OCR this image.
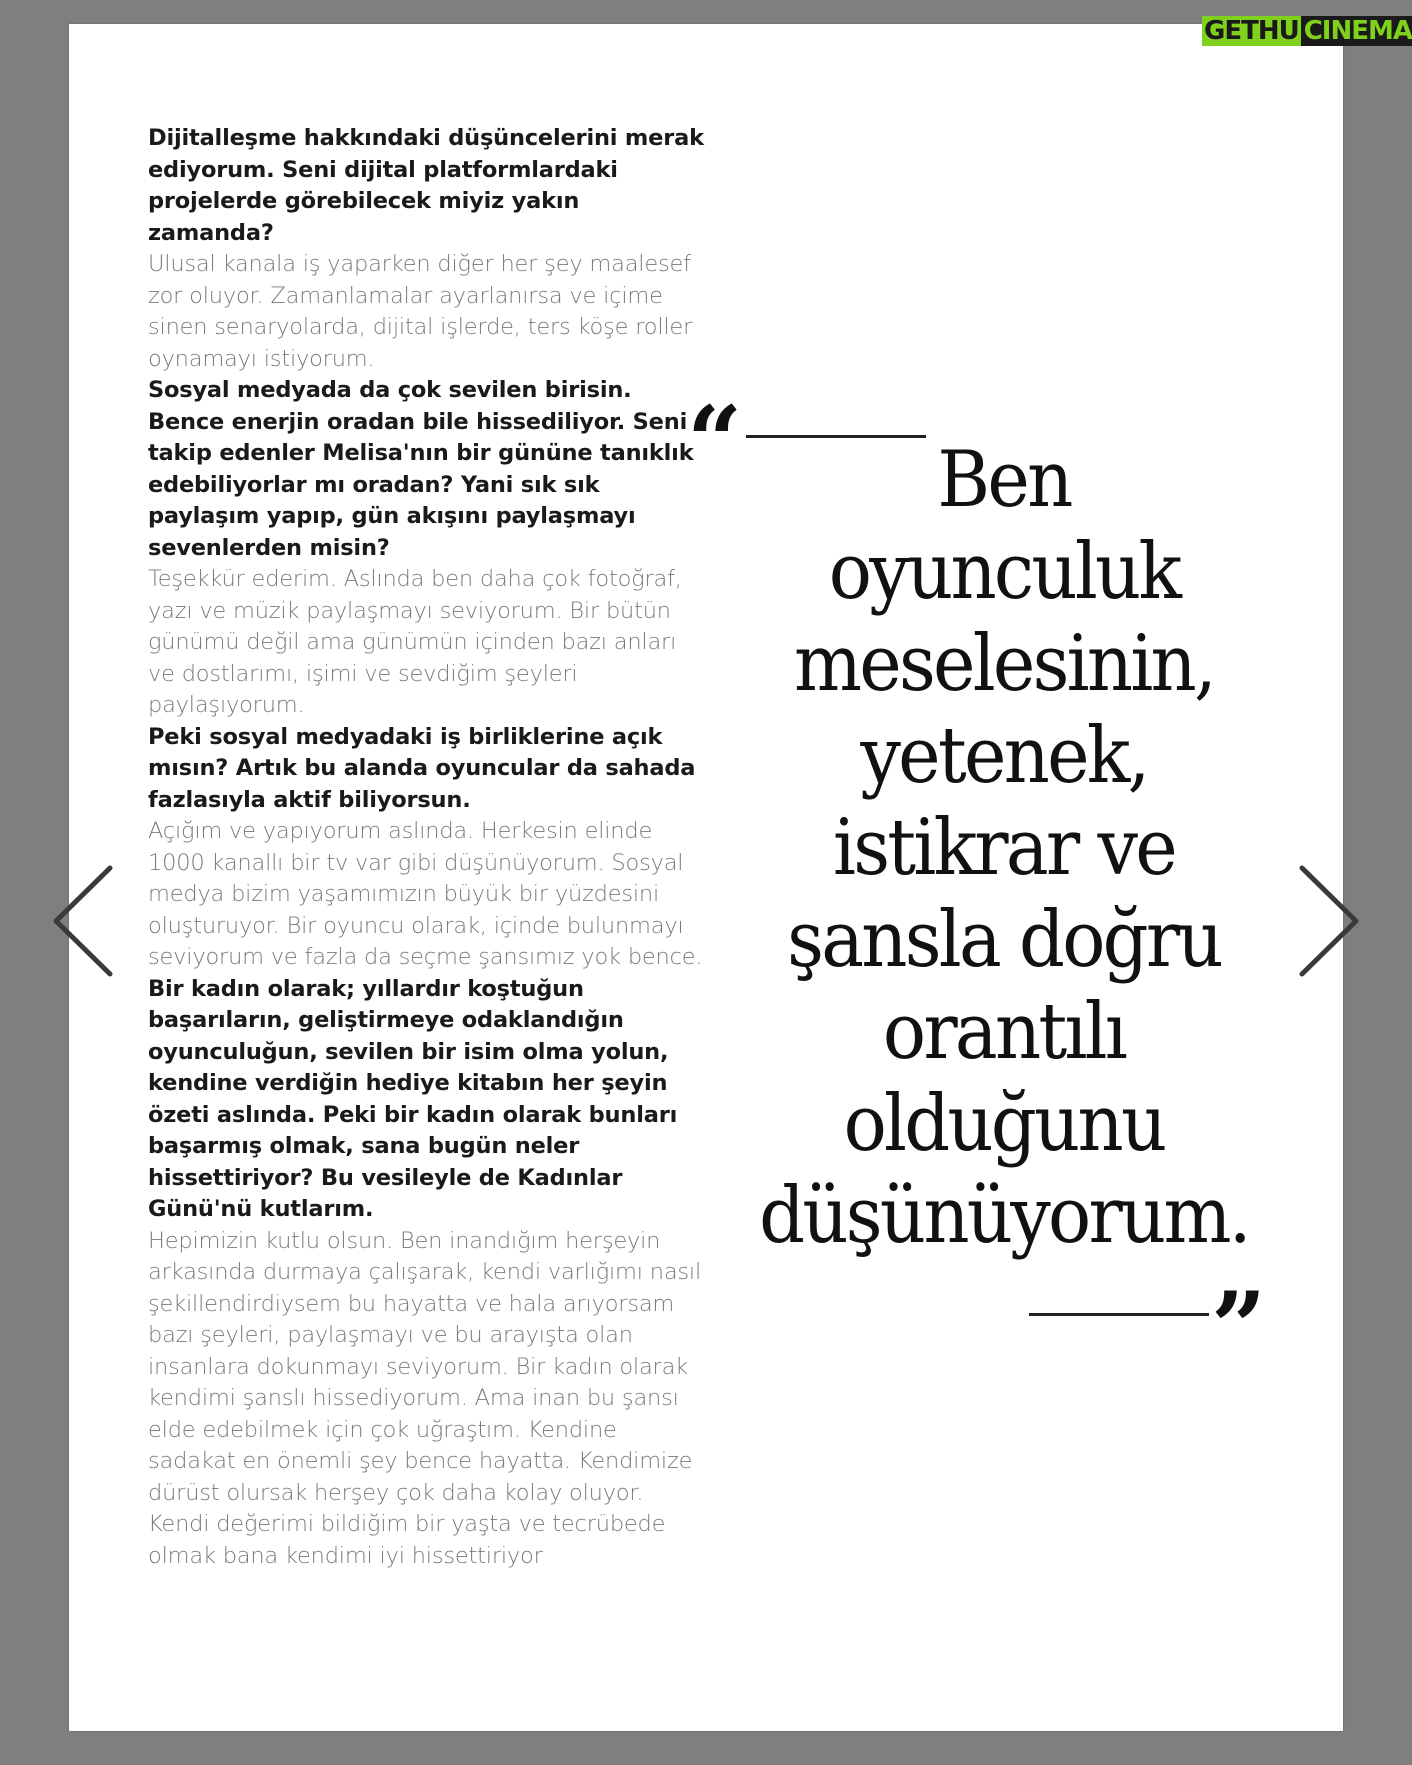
Dijitalleşme hakkındaki düşüncelerini merak ediyorum. Seni dijital platformlardaki projelerde görebilecek miyiz yakın zamanda?

Ulusal kanala iş yaparken diğer her şey maalesef zor oluyor. Zamanlamalar ayarlanırsa ve içime sinen senaryolarda, dijital işlerde, ters köşe roller oynamayı istiyorum.

Sosyal medyada da çok sevilen birisin. Bence enerjin oradan bile hissediliyor. Seni takip edenler Melisa'nın bir gününe tanıklık edebiliyorlar mı oradan? Yani sık sık paylaşım yapıp, gün akışını paylaşmayı sevenlerden misin?

Teşekkür ederim. Aslında ben daha çok fotoğraf, yazı ve müzik paylaşmayı seviyorum. Bir bütün günümü değil ama günümün içinden bazı anları ve dostlarımı, işimi ve sevdiğim şeyleri paylaşıyorum.

Peki sosyal medyadaki iş birliklerine açık mısın? Artık bu alanda oyuncular da sahada fazlasıyla aktif biliyorsun.

Açığım ve yapıyorum aslında. Herkesin elinde 1000 kanallı bir tv var gibi düşünüyorum. Sosyal medya bizim yaşamımızın büyük bir yüzdesini oluşturuyor. Bir oyuncu olarak, içinde bulunmayı seviyorum ve fazla da seçme şansımız yok bence.

Bir kadın olarak; yıllardır koştuğun başarıların, geliştirmeye odaklandığın oyunculuğun, sevilen bir isim olma yolun, kendine verdiğin hediye kitabın her şeyin özeti aslında. Peki bir kadın olarak bunları başarmış olmak, sana bugün neler hissettiriyor? Bu vesileyle de Kadınlar Günü'nü kutlarım.

Hepimizin kutlu olsun. Ben inandığım herşeyin arkasında durmaya çalışarak, kendi varlığımı nasıl şekillendirdiysem bu hayatta ve hala arıyorsam bazı şeyleri, paylaşmayı ve bu arayışta olan insanlara dokunmayı seviyorum. Bir kadın olarak kendimi şanslı hissediyorum. Ama inan bu şansı elde edebilmek için çok uğraştım. Kendine sadakat en önemli şey bence hayatta. Kendimize dürüst olursak herşey çok daha kolay oluyor. Kendi değerimi bildiğim bir yaşta ve tecrübede olmak bana kendimi iyi hissettiriyor

“	Ben
oyunculuk
meselesinin,
yetenek,
istikrar ve
şansla doğru
orantılı
olduğunu
düşünüyorum.
”
GETHU CINEMA
